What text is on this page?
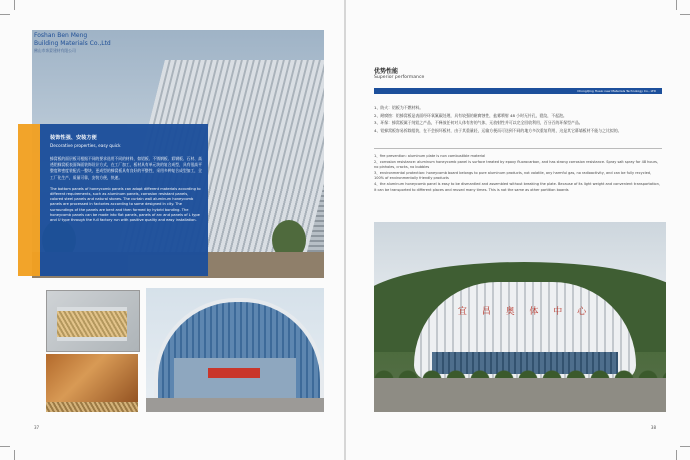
Foshan Ben Meng
Building Materials Co.,Ltd
佛山市奔蒙建材有限公司
装饰性强、安装方便
Decorative properties, easy quick
蜂窝板的面层板可根据不同的要求选用不同的材料，如铝板、不锈钢板、彩钢板、石材、高透铝蜂窝板表面饰面装饰设计方式，在工厂加工，板材具有单元块的复合成型，具有很高平整度和密度装配式一整块，更成型的蜂窝板具有良好的平整性，采用多种复合成型加工，全工厂化生产，质量可靠，安装方便，快速。
The bottom panels of honeycomb panels can adopt different materials according to different requirements, such as aluminum panels, corrosion resistant panels, colored steel panels and natural stones. The curtain wall aluminum honeycomb panels are processed in factories according to some designed in city. The surroundings of the panels are bent and then formed by hybrid bonding. The honeycomb panels can be made into flat panels, panels of arc and panels of L type and U type through the full factory run with positive quality and easy installation.
37
优势性能
Superior performance
ChongQing HuaLi new Materials Technology Co., LTD
1、防火：铝板为不燃材料。
2、耐腐蚀：铝蜂窝板是表面经环氧氟碳处理，具有较强的耐腐蚀性，盐雾喷射 48 小时无针孔，裂纹，不起泡。
3、环保：蜂窝板属于纯铝之产品，不释放任何对人体有害的气体，无放射性并可以完全回收利用，百分百的环保型产品。
4、铝蜂窝板容易拆除组装，在不会损坏板材，由于其重量轻，运输方便而可送到不同的地方多次重复利用，这是其它幕墙板材不能与之比拟的。
1、fire prevention: aluminum plate is non combustible material
2、corrosion resistance: aluminum honeycomb panel is surface treated by epoxy fluorocarbon, and has strong corrosion resistance. Spray salt spray for 48 hours, no pinholes, cracks, no bubbles
3、environmental protection: honeycomb board belongs to pure aluminum products, not volatile, any harmful gas, no radioactivity, and can be fully recycled, 100% of environmentally friendly products
4、the aluminum honeycomb panel is easy to be dismantled and assembled without breaking the plate. Because of its light weight and convenient transportation, it can be transported to different places and reused many times. This is not the same as other partition boards
宜 昌 奥 体 中 心
38
